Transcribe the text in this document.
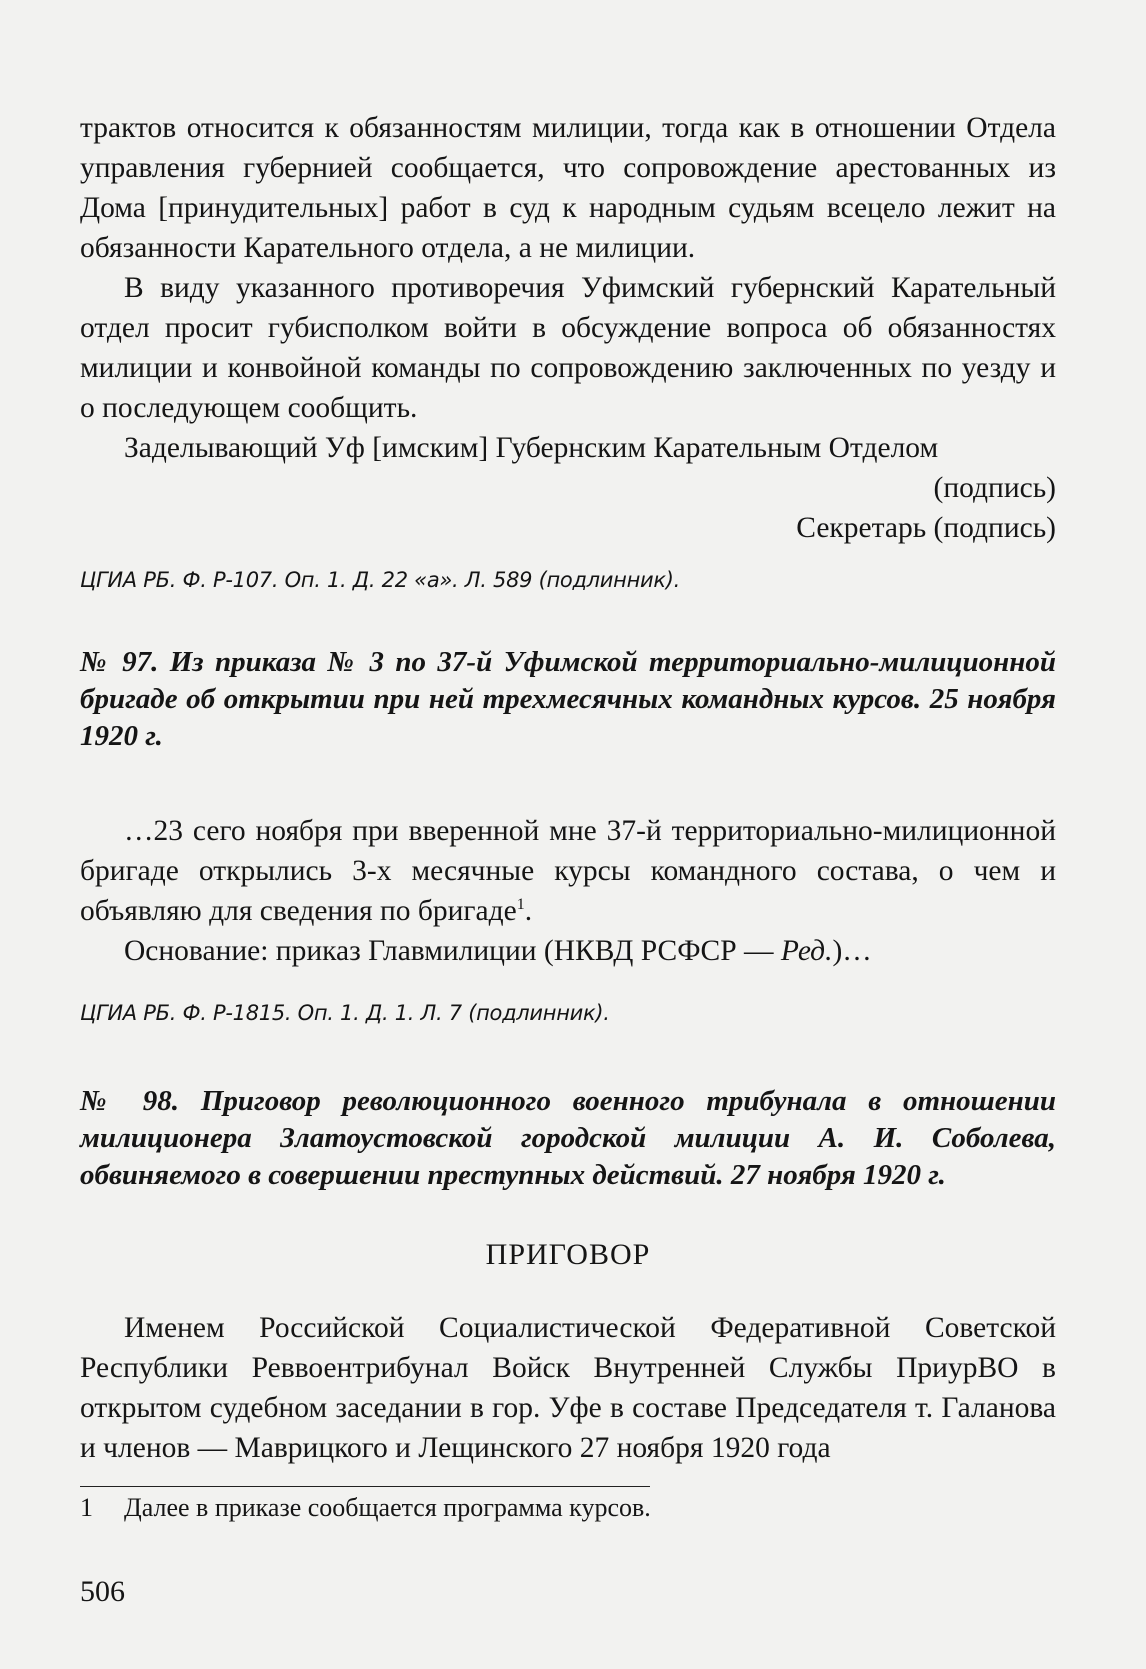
трактов относится к обязанностям милиции, тогда как в отношении Отдела управления губернией сообщается, что сопровождение арестованных из Дома [принудительных] работ в суд к народным судьям всецело лежит на обязанности Карательного отдела, а не милиции.

В виду указанного противоречия Уфимский губернский Карательный отдел просит губисполком войти в обсуждение вопроса об обязанностях милиции и конвойной команды по сопровождению заключенных по уезду и о последующем сообщить.

Заделывающий Уф [имским] Губернским Карательным Отделом

(подпись)

Секретарь (подпись)

ЦГИА РБ. Ф. Р-107. Оп. 1. Д. 22 «а». Л. 589 (подлинник).

№ 97. Из приказа № 3 по 37-й Уфимской территориально-милиционной бригаде об открытии при ней трехмесячных командных курсов. 25 ноября 1920 г.

…23 сего ноября при вверенной мне 37-й территориально-милиционной бригаде открылись 3-х месячные курсы командного состава, о чем и объявляю для сведения по бригаде$^1$.

Основание: приказ Главмилиции (НКВД РСФСР — Ред.)…

ЦГИА РБ. Ф. Р-1815. Оп. 1. Д. 1. Л. 7 (подлинник).

№ 98. Приговор революционного военного трибунала в отношении милиционера Златоустовской городской милиции А. И. Соболева, обвиняемого в совершении преступных действий. 27 ноября 1920 г.

ПРИГОВОР

Именем Российской Социалистической Федеративной Советской Республики Реввоентрибунал Войск Внутренней Службы ПриурВО в открытом судебном заседании в гор. Уфе в составе Председателя т. Галанова и членов — Маврицкого и Лещинского 27 ноября 1920 года

1 Далее в приказе сообщается программа курсов.

506
